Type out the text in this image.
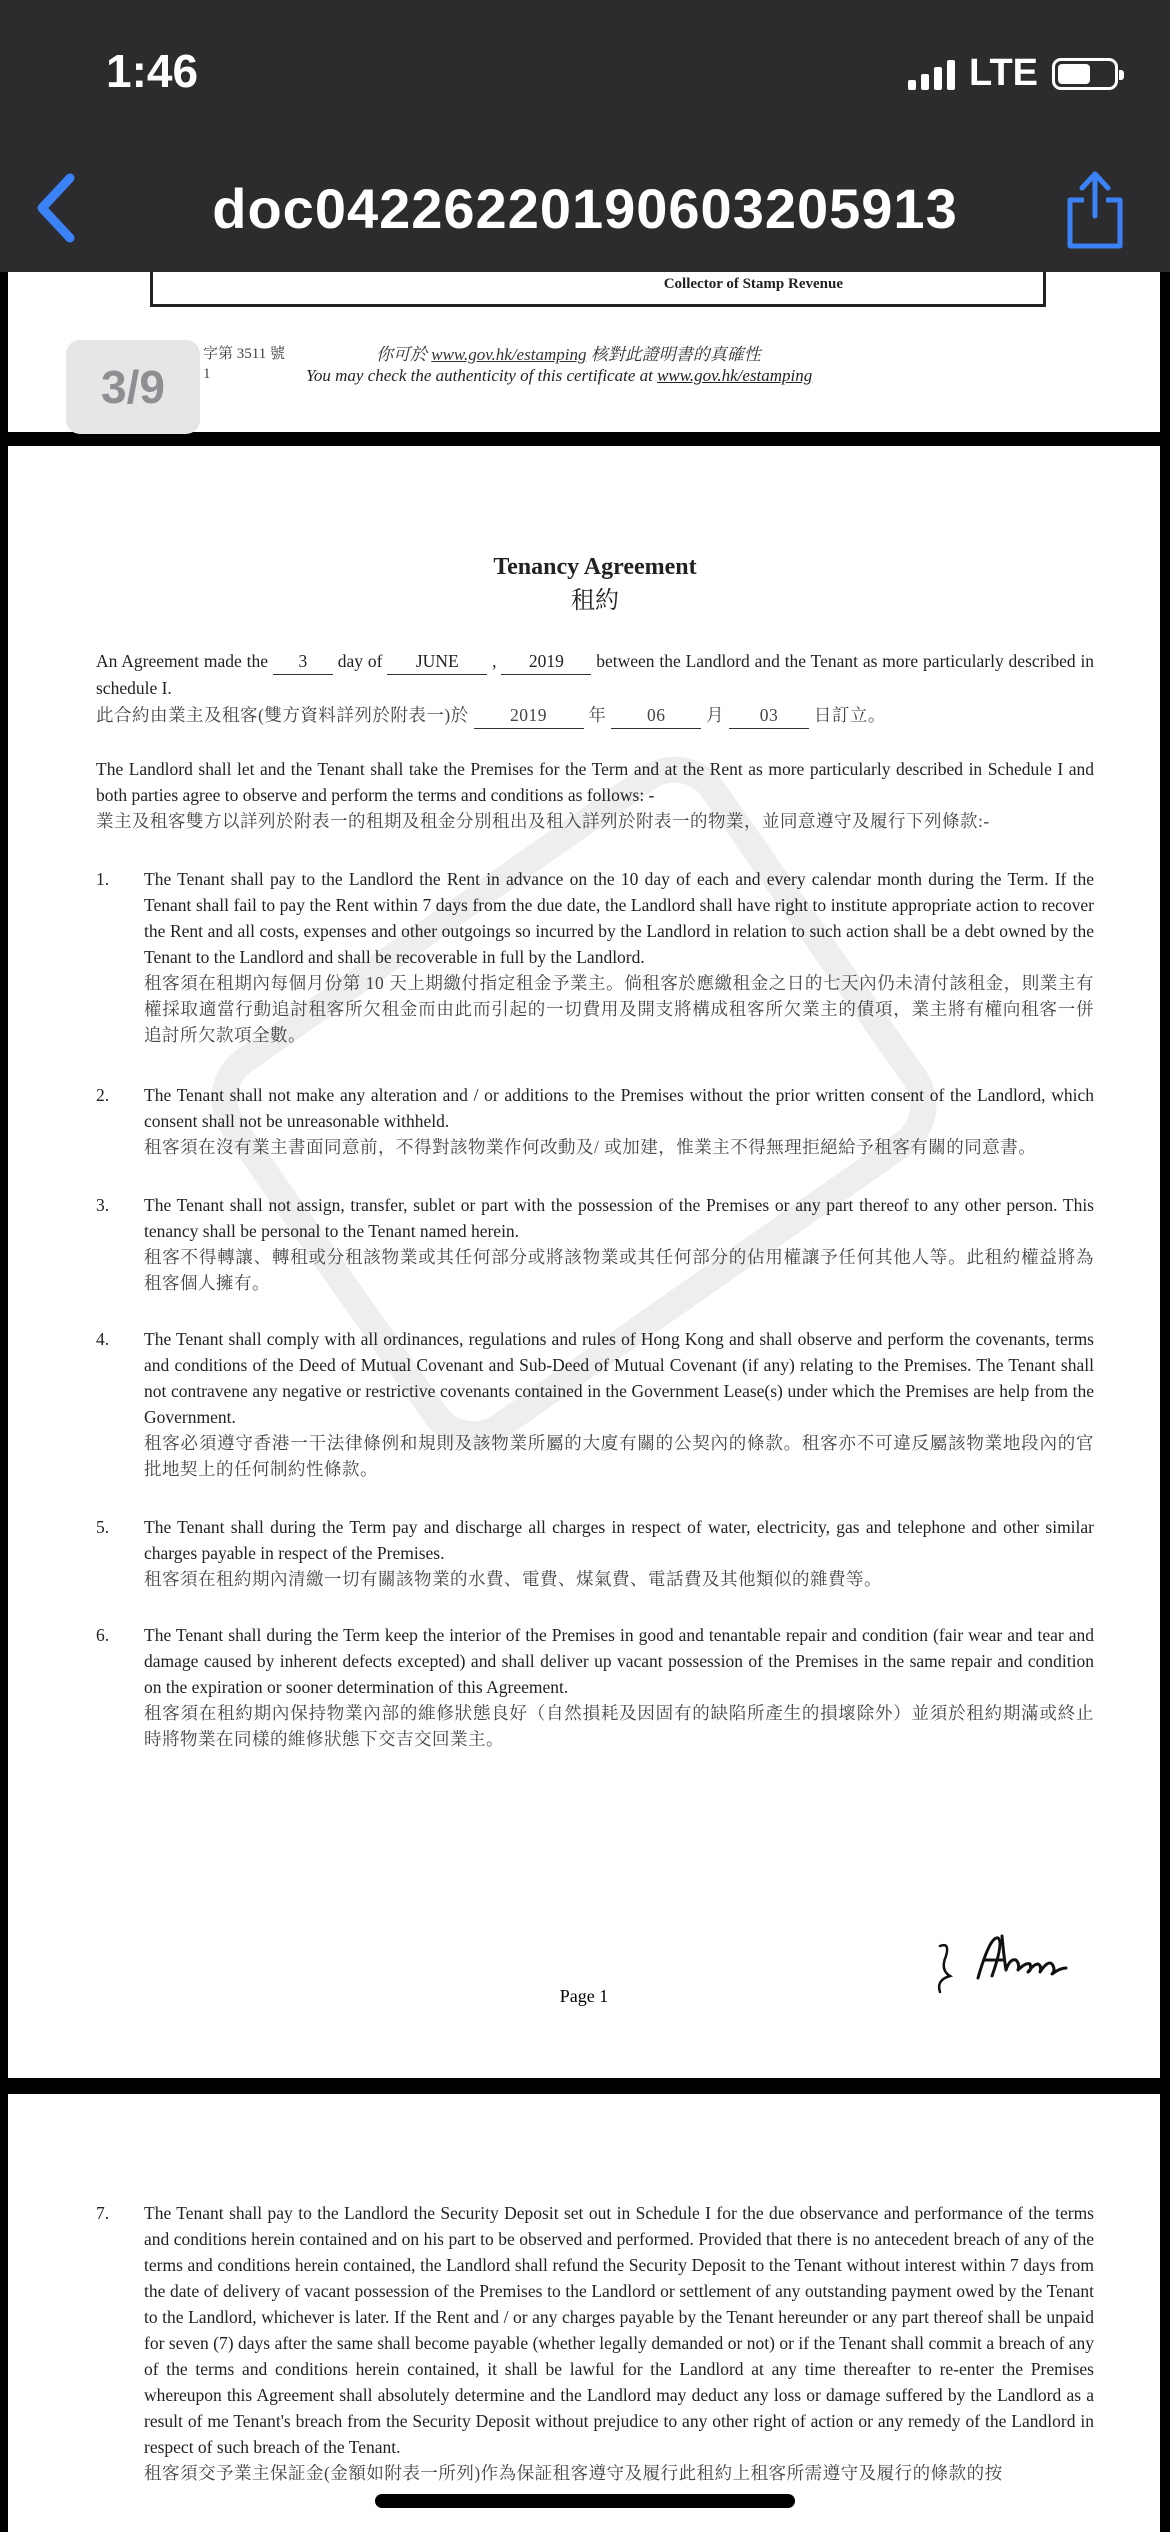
1:46	LTE
doc04226220190603205913
3/9
Collector of Stamp Revenue
字第 3511 號
1
你可於 www.gov.hk/estamping 核對此證明書的真確性
You may check the authenticity of this certificate at www.gov.hk/estamping
Tenancy Agreement
租約
An Agreement made the 3 day of JUNE , 2019 between the Landlord and the Tenant as more particularly described in schedule I.
此合約由業主及租客(雙方資料詳列於附表一)於 2019 年 06 月 03 日訂立。
The Landlord shall let and the Tenant shall take the Premises for the Term and at the Rent as more particularly described in Schedule I and both parties agree to observe and perform the terms and conditions as follows: -
業主及租客雙方以詳列於附表一的租期及租金分別租出及租入詳列於附表一的物業，並同意遵守及履行下列條款:-
1. The Tenant shall pay to the Landlord the Rent in advance on the 10 day of each and every calendar month during the Term. If the Tenant shall fail to pay the Rent within 7 days from the due date, the Landlord shall have right to institute appropriate action to recover the Rent and all costs, expenses and other outgoings so incurred by the Landlord in relation to such action shall be a debt owned by the Tenant to the Landlord and shall be recoverable in full by the Landlord.
租客須在租期內每個月份第 10 天上期繳付指定租金予業主。倘租客於應繳租金之日的七天內仍未清付該租金，則業主有權採取適當行動追討租客所欠租金而由此而引起的一切費用及開支將構成租客所欠業主的債項，業主將有權向租客一併追討所欠款項全數。
2. The Tenant shall not make any alteration and / or additions to the Premises without the prior written consent of the Landlord, which consent shall not be unreasonable withheld.
租客須在沒有業主書面同意前，不得對該物業作何改動及/ 或加建，惟業主不得無理拒絕給予租客有關的同意書。
3. The Tenant shall not assign, transfer, sublet or part with the possession of the Premises or any part thereof to any other person. This tenancy shall be personal to the Tenant named herein.
租客不得轉讓、轉租或分租該物業或其任何部分或將該物業或其任何部分的佔用權讓予任何其他人等。此租約權益將為租客個人擁有。
4. The Tenant shall comply with all ordinances, regulations and rules of Hong Kong and shall observe and perform the covenants, terms and conditions of the Deed of Mutual Covenant and Sub-Deed of Mutual Covenant (if any) relating to the Premises. The Tenant shall not contravene any negative or restrictive covenants contained in the Government Lease(s) under which the Premises are help from the Government.
租客必須遵守香港一干法律條例和規則及該物業所屬的大廈有關的公契內的條款。租客亦不可違反屬該物業地段內的官批地契上的任何制約性條款。
5. The Tenant shall during the Term pay and discharge all charges in respect of water, electricity, gas and telephone and other similar charges payable in respect of the Premises.
租客須在租約期內清繳一切有關該物業的水費、電費、煤氣費、電話費及其他類似的雜費等。
6. The Tenant shall during the Term keep the interior of the Premises in good and tenantable repair and condition (fair wear and tear and damage caused by inherent defects excepted) and shall deliver up vacant possession of the Premises in the same repair and condition on the expiration or sooner determination of this Agreement.
租客須在租約期內保持物業內部的維修狀態良好（自然損耗及因固有的缺陷所產生的損壞除外）並須於租約期滿或終止時將物業在同樣的維修狀態下交吉交回業主。
Page 1
7. The Tenant shall pay to the Landlord the Security Deposit set out in Schedule I for the due observance and performance of the terms and conditions herein contained and on his part to be observed and performed. Provided that there is no antecedent breach of any of the terms and conditions herein contained, the Landlord shall refund the Security Deposit to the Tenant without interest within 7 days from the date of delivery of vacant possession of the Premises to the Landlord or settlement of any outstanding payment owed by the Tenant to the Landlord, whichever is later. If the Rent and / or any charges payable by the Tenant hereunder or any part thereof shall be unpaid for seven (7) days after the same shall become payable (whether legally demanded or not) or if the Tenant shall commit a breach of any of the terms and conditions herein contained, it shall be lawful for the Landlord at any time thereafter to re-enter the Premises whereupon this Agreement shall absolutely determine and the Landlord may deduct any loss or damage suffered by the Landlord as a result of me Tenant's breach from the Security Deposit without prejudice to any other right of action or any remedy of the Landlord in respect of such breach of the Tenant.
租客須交予業主保証金(金額如附表一所列)作為保証租客遵守及履行此租約上租客所需遵守及履行的條款的按
